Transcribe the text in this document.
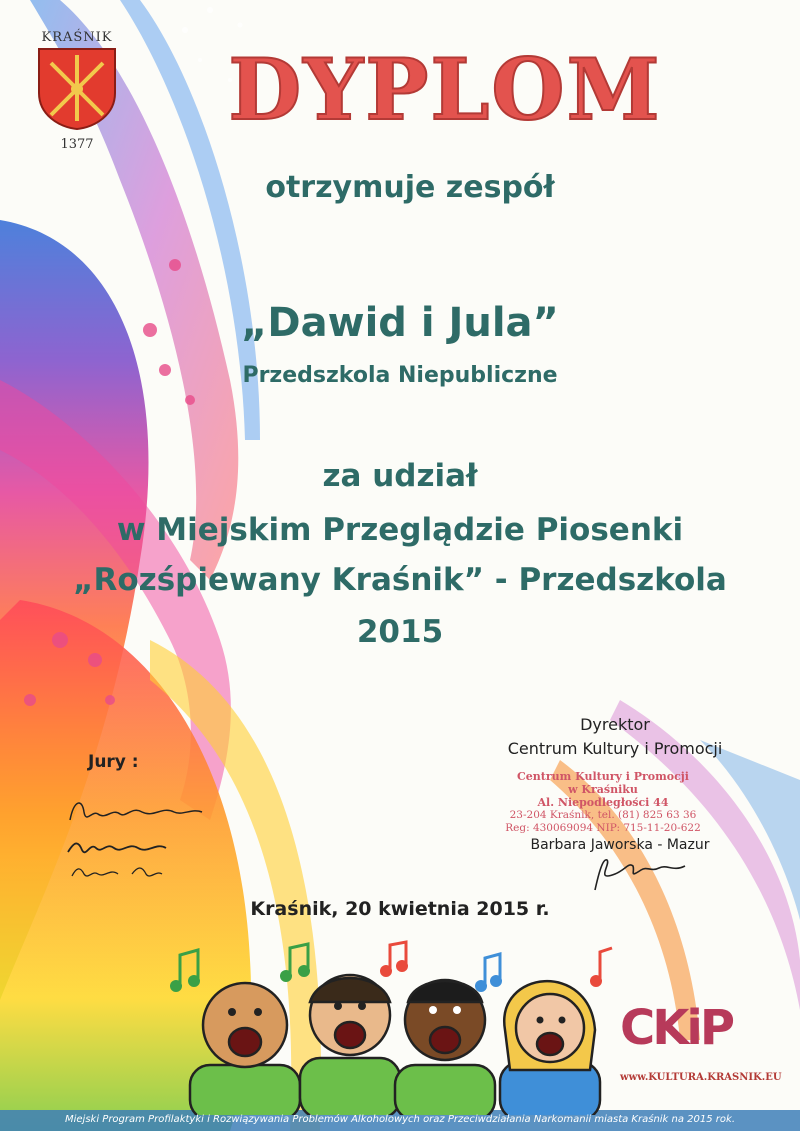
KRAŚNIK
1377
DYPLOM
otrzymuje zespół
„Dawid i Jula”
Przedszkola Niepubliczne
za udział
w Miejskim Przeglądzie Piosenki
„Rozśpiewany Kraśnik” - Przedszkola
2015
Dyrektor
Centrum Kultury i Promocji
Centrum Kultury i Promocji
w Kraśniku
Al. Niepodległości 44
23-204 Kraśnik, tel. (81) 825 63 36
Reg: 430069094 NIP: 715-11-20-622
Barbara Jaworska - Mazur
Jury :
Kraśnik, 20 kwietnia 2015 r.
CKiP
www.KULTURA.KRASNIK.EU
Miejski Program Profilaktyki i Rozwiązywania Problemów Alkoholowych oraz Przeciwdziałania Narkomanii miasta Kraśnik na 2015 rok.
